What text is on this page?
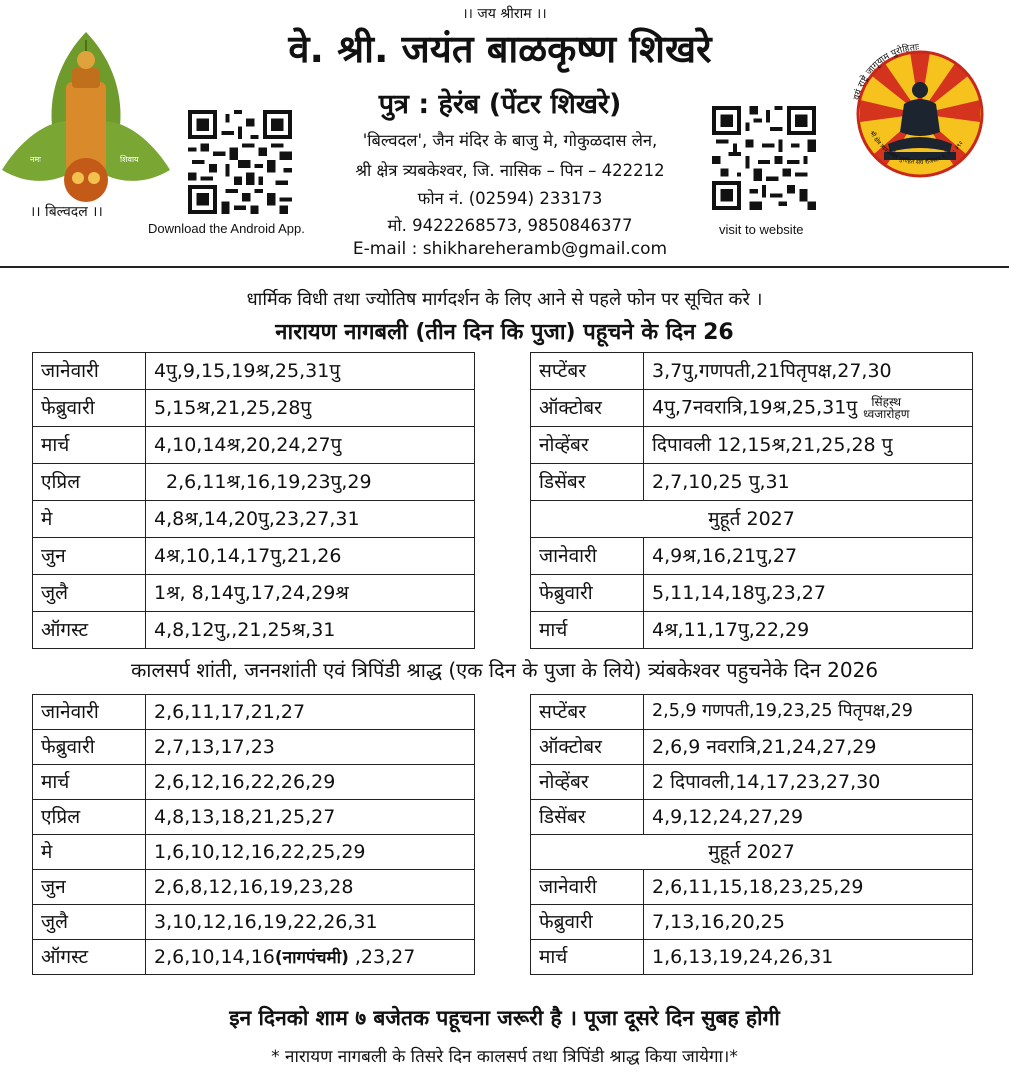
।। जय श्रीराम ।।
नमः	शिवाय
।। बिल्वदल ।।
Download the Android App.
वे. श्री. जयंत बाळकृष्ण शिखरे
पुत्र : हेरंब (पेंटर शिखरे)
'बिल्वदल', जैन मंदिर के बाजु मे, गोकुळदास लेन,
श्री क्षेत्र त्र्यबकेश्वर, जि. नासिक – पिन – 422212
फोन नं. (02594) 233173
मो. 9422268573, 9850846377
E-mail : shikhareheramb@gmail.com
visit to website
वयं राष्ट्रे जागृयाम पुरोहिताः
श्री क्षेत्र त्र्यंबकेश्वर पुरोहित संघ रजिस्टर नं. F - ३९२
धार्मिक विधी तथा ज्योतिष मार्गदर्शन के लिए आने से पहले फोन पर सूचित करे ।
नारायण नागबली (तीन दिन कि पुजा) पहूचने के दिन 26
जानेवारी	4पु,9,15,19श्र,25,31पु
फेब्रुवारी	5,15श्र,21,25,28पु
मार्च	4,10,14श्र,20,24,27पु
एप्रिल	2,6,11श्र,16,19,23पु,29
मे	4,8श्र,14,20पु,23,27,31
जुन	4श्र,10,14,17पु,21,26
जुलै	1श्र, 8,14पु,17,24,29श्र
ऑगस्ट	4,8,12पु,,21,25श्र,31
सप्टेंबर	3,7पु,गणपती,21पितृपक्ष,27,30
ऑक्टोबर	4पु,7नवरात्रि,19श्र,25,31पु सिंहस्थ
ध्वजारोहण
नोव्हेंबर	दिपावली 12,15श्र,21,25,28 पु
डिसेंबर	2,7,10,25 पु,31
मुहूर्त 2027	
जानेवारी	4,9श्र,16,21पु,27
फेब्रुवारी	5,11,14,18पु,23,27
मार्च	4श्र,11,17पु,22,29
कालसर्प शांती, जननशांती एवं त्रिपिंडी श्राद्ध (एक दिन के पुजा के लिये) त्र्यंबकेश्वर पहुचनेके दिन 2026
जानेवारी	2,6,11,17,21,27
फेब्रुवारी	2,7,13,17,23
मार्च	2,6,12,16,22,26,29
एप्रिल	4,8,13,18,21,25,27
मे	1,6,10,12,16,22,25,29
जुन	2,6,8,12,16,19,23,28
जुलै	3,10,12,16,19,22,26,31
ऑगस्ट	2,6,10,14,16(नागपंचमी) ,23,27
सप्टेंबर	2,5,9 गणपती,19,23,25 पितृपक्ष,29
ऑक्टोबर	2,6,9 नवरात्रि,21,24,27,29
नोव्हेंबर	2 दिपावली,14,17,23,27,30
डिसेंबर	4,9,12,24,27,29
मुहूर्त 2027	
जानेवारी	2,6,11,15,18,23,25,29
फेब्रुवारी	7,13,16,20,25
मार्च	1,6,13,19,24,26,31
इन दिनको शाम ७ बजेतक पहूचना जरूरी है । पूजा दूसरे दिन सुबह होगी
* नारायण नागबली के तिसरे दिन कालसर्प तथा त्रिपिंडी श्राद्ध किया जायेगा।*
